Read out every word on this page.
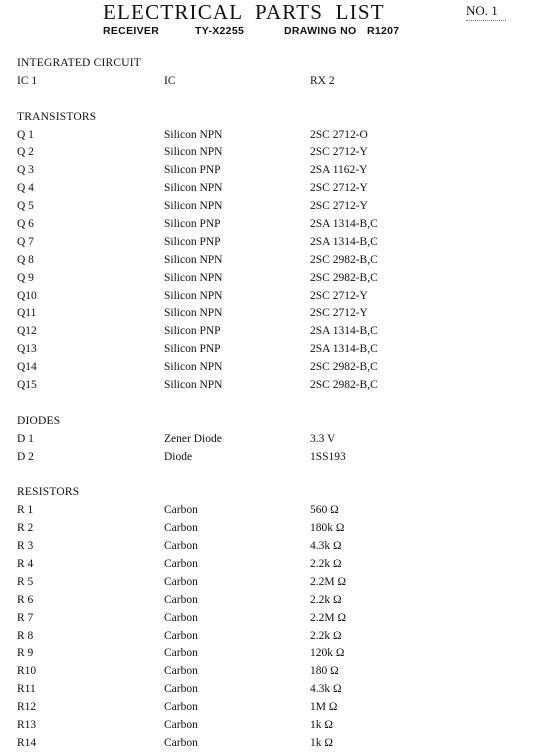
ELECTRICAL PARTS LIST	NO. 1
RECEIVER	TY-X2255	DRAWING NO R1207
INTEGRATED CIRCUIT
IC 1	IC	RX 2
TRANSISTORS
Q 1	Silicon NPN	2SC 2712-O
Q 2	Silicon NPN	2SC 2712-Y
Q 3	Silicon PNP	2SA 1162-Y
Q 4	Silicon NPN	2SC 2712-Y
Q 5	Silicon NPN	2SC 2712-Y
Q 6	Silicon PNP	2SA 1314-B,C
Q 7	Silicon PNP	2SA 1314-B,C
Q 8	Silicon NPN	2SC 2982-B,C
Q 9	Silicon NPN	2SC 2982-B,C
Q10	Silicon NPN	2SC 2712-Y
Q11	Silicon NPN	2SC 2712-Y
Q12	Silicon PNP	2SA 1314-B,C
Q13	Silicon PNP	2SA 1314-B,C
Q14	Silicon NPN	2SC 2982-B,C
Q15	Silicon NPN	2SC 2982-B,C
DIODES
D 1	Zener Diode	3.3 V
D 2	Diode	1SS193
RESISTORS
R 1	Carbon	560 Ω
R 2	Carbon	180k Ω
R 3	Carbon	4.3k Ω
R 4	Carbon	2.2k Ω
R 5	Carbon	2.2M Ω
R 6	Carbon	2.2k Ω
R 7	Carbon	2.2M Ω
R 8	Carbon	2.2k Ω
R 9	Carbon	120k Ω
R10	Carbon	180 Ω
R11	Carbon	4.3k Ω
R12	Carbon	1M Ω
R13	Carbon	1k Ω
R14	Carbon	1k Ω
